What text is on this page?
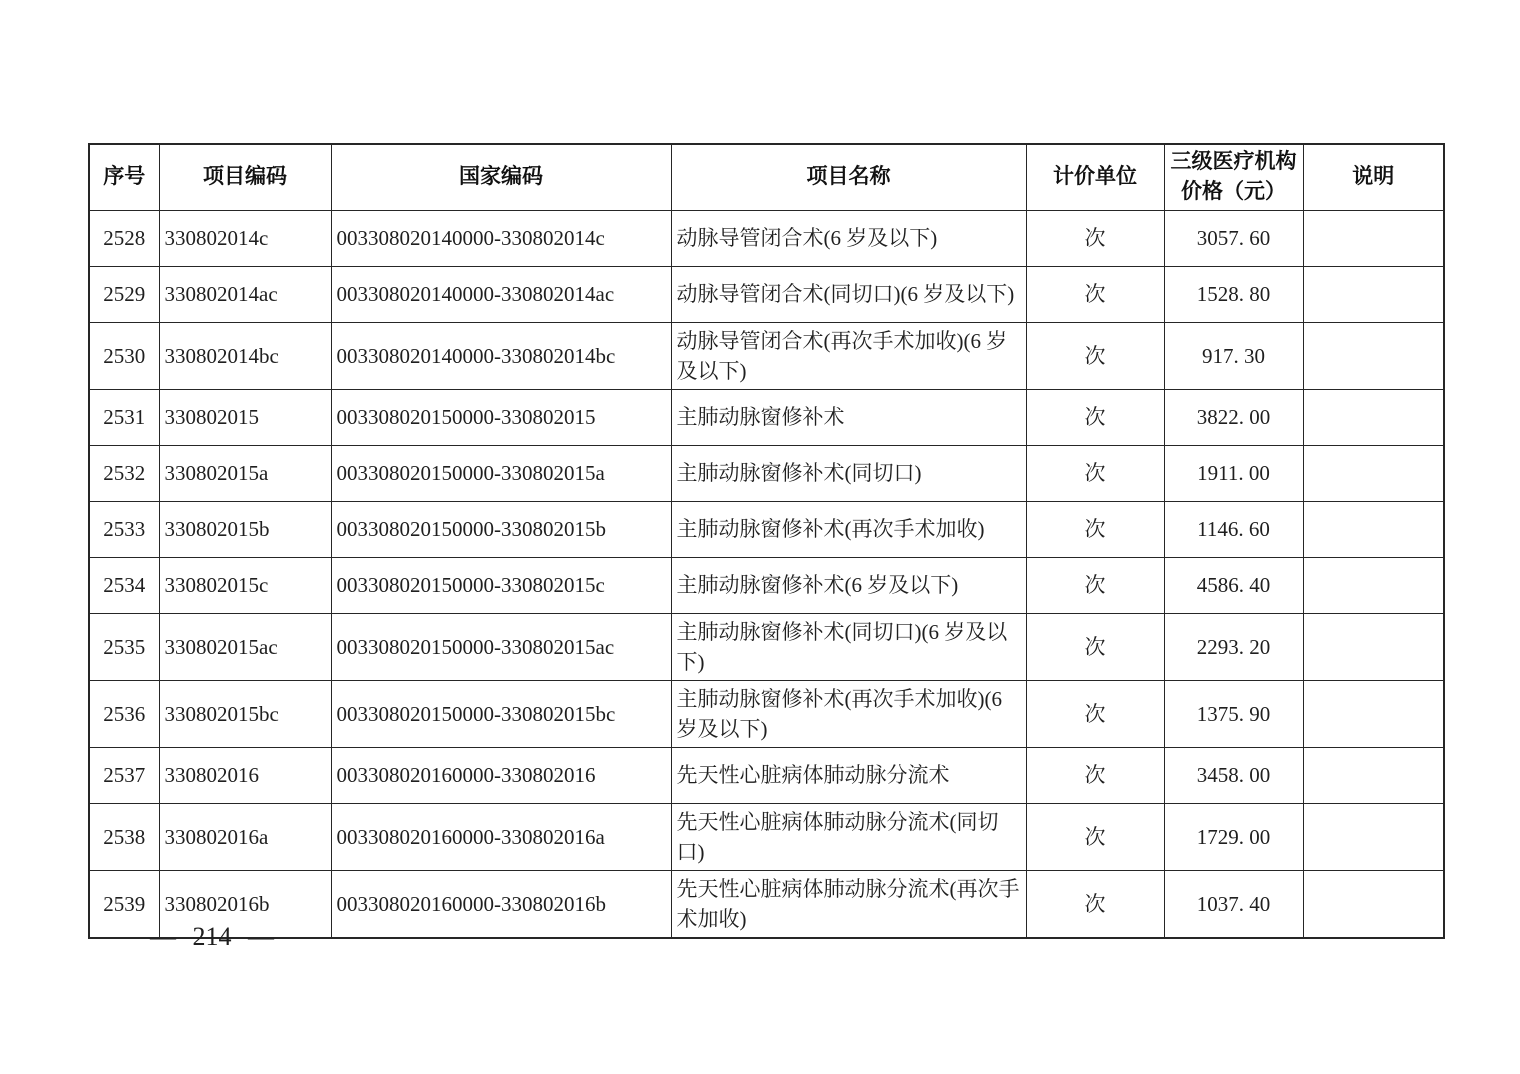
序号	项目编码	国家编码	项目名称	计价单位	三级医疗机构价格（元）	说明
2528	330802014c	003308020140000-330802014c	动脉导管闭合术(6 岁及以下)	次	3057. 60	
2529	330802014ac	003308020140000-330802014ac	动脉导管闭合术(同切口)(6 岁及以下)	次	1528. 80	
2530	330802014bc	003308020140000-330802014bc	动脉导管闭合术(再次手术加收)(6 岁及以下)	次	917. 30	
2531	330802015	003308020150000-330802015	主肺动脉窗修补术	次	3822. 00	
2532	330802015a	003308020150000-330802015a	主肺动脉窗修补术(同切口)	次	1911. 00	
2533	330802015b	003308020150000-330802015b	主肺动脉窗修补术(再次手术加收)	次	1146. 60	
2534	330802015c	003308020150000-330802015c	主肺动脉窗修补术(6 岁及以下)	次	4586. 40	
2535	330802015ac	003308020150000-330802015ac	主肺动脉窗修补术(同切口)(6 岁及以下)	次	2293. 20	
2536	330802015bc	003308020150000-330802015bc	主肺动脉窗修补术(再次手术加收)(6 岁及以下)	次	1375. 90	
2537	330802016	003308020160000-330802016	先天性心脏病体肺动脉分流术	次	3458. 00	
2538	330802016a	003308020160000-330802016a	先天性心脏病体肺动脉分流术(同切口)	次	1729. 00	
2539	330802016b	003308020160000-330802016b	先天性心脏病体肺动脉分流术(再次手术加收)	次	1037. 40	
— 214 —
